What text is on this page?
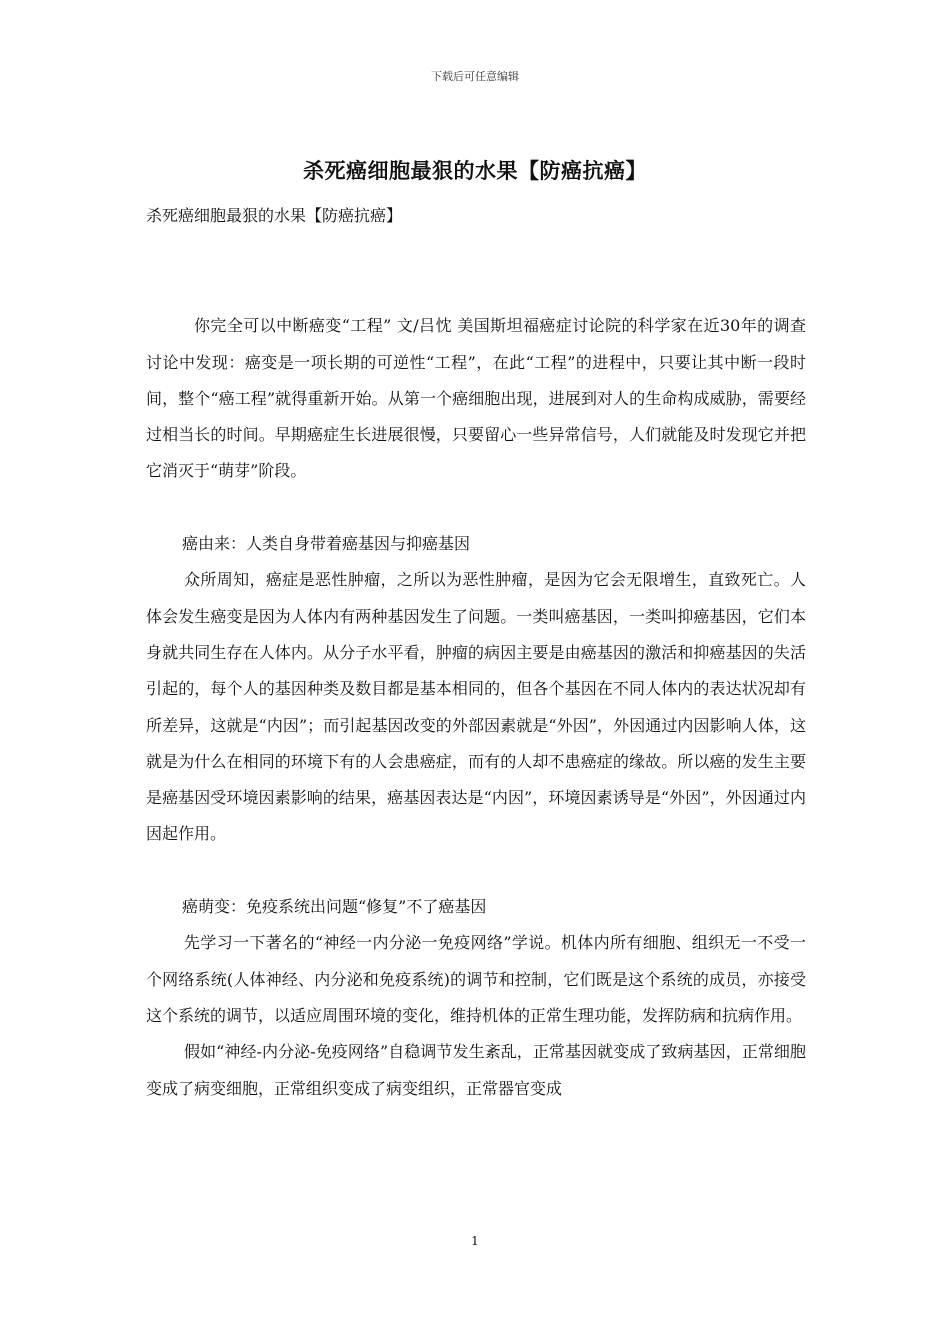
下载后可任意编辑
杀死癌细胞最狠的水果【防癌抗癌】
杀死癌细胞最狠的水果【防癌抗癌】

你完全可以中断癌变“工程” 文/吕忱 美国斯坦福癌症讨论院的科学家在近30年的调查讨论中发现：癌变是一项长期的可逆性“工程”，在此“工程”的进程中，只要让其中断一段时间，整个“癌工程”就得重新开始。从第一个癌细胞出现，进展到对人的生命构成威胁，需要经过相当长的时间。早期癌症生长进展很慢，只要留心一些异常信号，人们就能及时发现它并把它消灭于“萌芽”阶段。

癌由来：人类自身带着癌基因与抑癌基因

众所周知，癌症是恶性肿瘤，之所以为恶性肿瘤，是因为它会无限增生，直致死亡。人体会发生癌变是因为人体内有两种基因发生了问题。一类叫癌基因，一类叫抑癌基因，它们本身就共同生存在人体内。从分子水平看，肿瘤的病因主要是由癌基因的激活和抑癌基因的失活引起的，每个人的基因种类及数目都是基本相同的，但各个基因在不同人体内的表达状况却有所差异，这就是“内因”；而引起基因改变的外部因素就是“外因”，外因通过内因影响人体，这就是为什么在相同的环境下有的人会患癌症，而有的人却不患癌症的缘故。所以癌的发生主要是癌基因受环境因素影响的结果，癌基因表达是“内因”，环境因素诱导是“外因”，外因通过内因起作用。

癌萌变：免疫系统出问题“修复”不了癌基因

先学习一下著名的“神经一内分泌一免疫网络”学说。机体内所有细胞、组织无一不受一个网络系统(人体神经、内分泌和免疫系统)的调节和控制，它们既是这个系统的成员，亦接受这个系统的调节，以适应周围环境的变化，维持机体的正常生理功能，发挥防病和抗病作用。

假如“神经-内分泌-免疫网络”自稳调节发生紊乱，正常基因就变成了致病基因，正常细胞变成了病变细胞，正常组织变成了病变组织，正常器官变成

1
